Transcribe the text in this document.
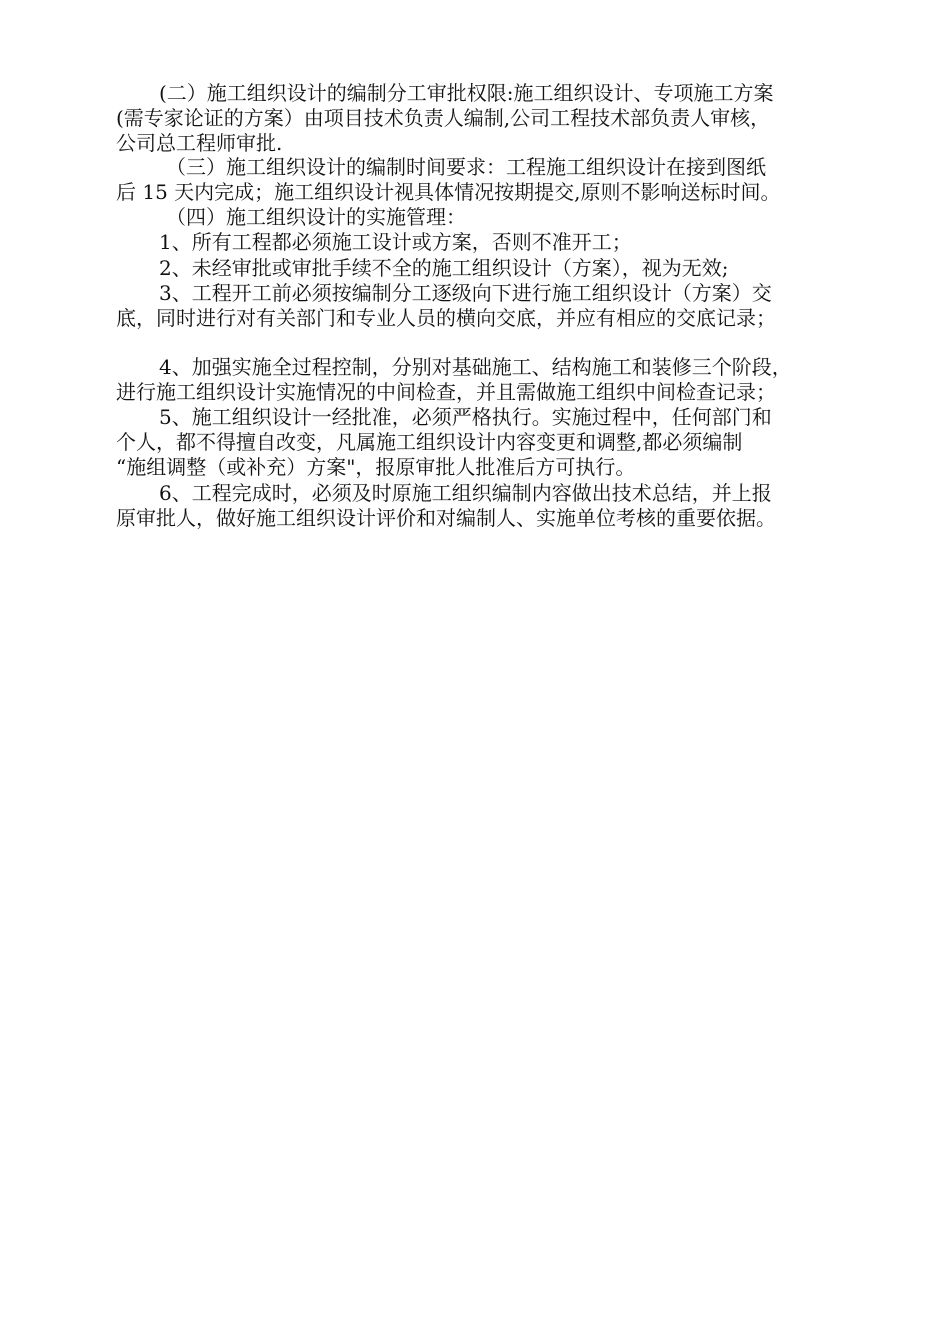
(二）施工组织设计的编制分工审批权限:施工组织设计、专项施工方案
(需专家论证的方案）由项目技术负责人编制,公司工程技术部负责人审核，
公司总工程师审批.
（三）施工组织设计的编制时间要求：工程施工组织设计在接到图纸
后 15 天内完成；施工组织设计视具体情况按期提交,原则不影响送标时间。
（四）施工组织设计的实施管理：
1、所有工程都必须施工设计或方案，否则不准开工；
2、未经审批或审批手续不全的施工组织设计（方案），视为无效;
3、工程开工前必须按编制分工逐级向下进行施工组织设计（方案）交
底，同时进行对有关部门和专业人员的横向交底，并应有相应的交底记录；
4、加强实施全过程控制，分别对基础施工、结构施工和装修三个阶段，
进行施工组织设计实施情况的中间检查，并且需做施工组织中间检查记录；
5、施工组织设计一经批准，必须严格执行。实施过程中，任何部门和
个人，都不得擅自改变，凡属施工组织设计内容变更和调整,都必须编制
“施组调整（或补充）方案"，报原审批人批准后方可执行。
6、工程完成时，必须及时原施工组织编制内容做出技术总结，并上报
原审批人，做好施工组织设计评价和对编制人、实施单位考核的重要依据。
